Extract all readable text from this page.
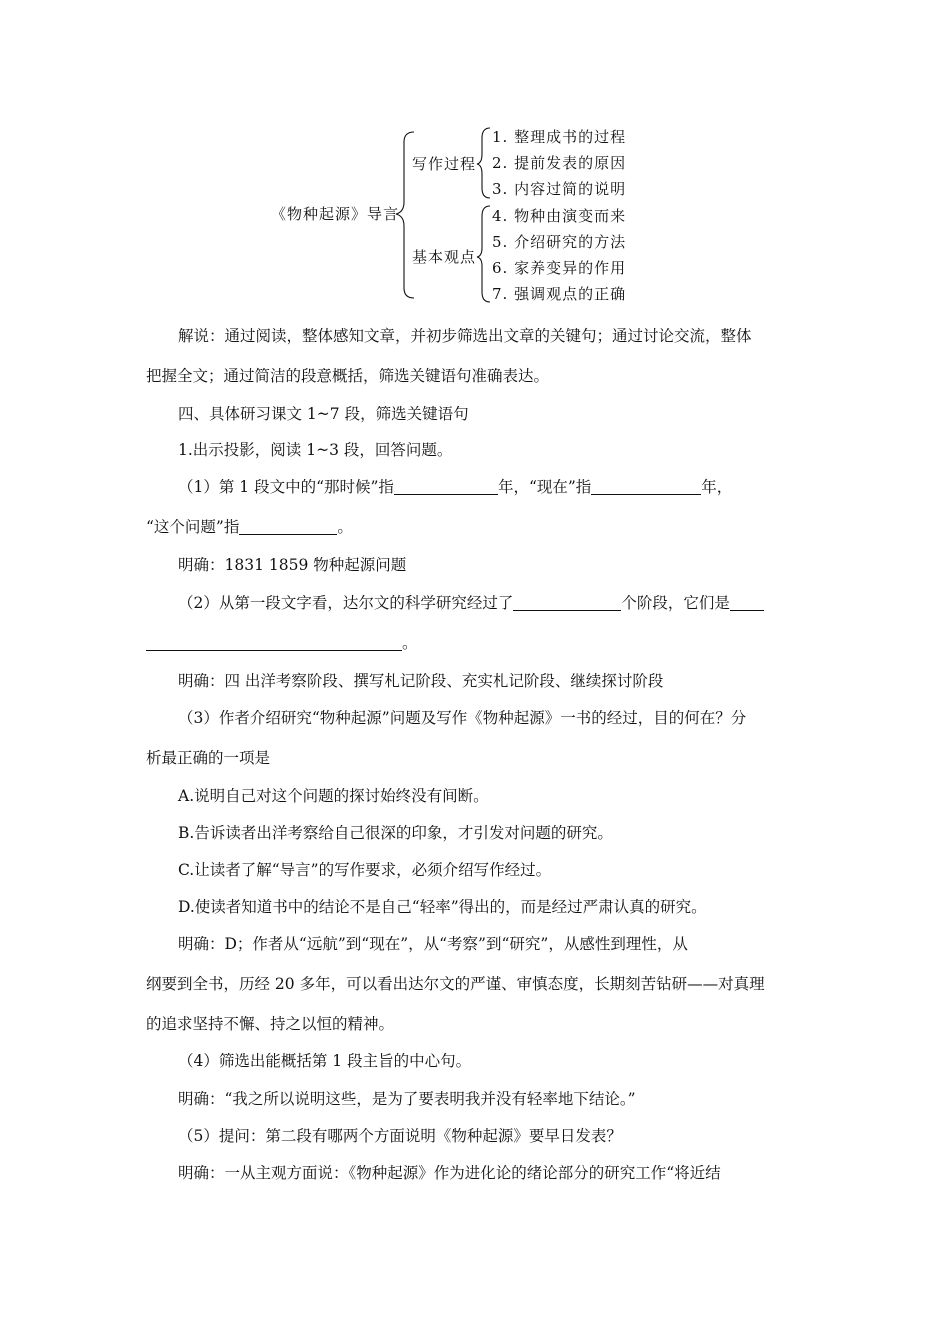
《物种起源》导言
写作过程
基本观点
1. 整理成书的过程
2. 提前发表的原因
3. 内容过简的说明
4. 物种由演变而来
5. 介绍研究的方法
6. 家养变异的作用
7. 强调观点的正确
解说：通过阅读，整体感知文章，并初步筛选出文章的关键句；通过讨论交流，整体
把握全文；通过简洁的段意概括，筛选关键语句准确表达。
四、具体研习课文 1~7 段，筛选关键语句
1.出示投影，阅读 1~3 段，回答问题。
（1）第 1 段文中的“那时候”指	年，“现在”指	年，
“这个问题”指	。
明确：1831 1859 物种起源问题
（2）从第一段文字看，达尔文的科学研究经过了	个阶段，它们是
。
明确：四 出洋考察阶段、撰写札记阶段、充实札记阶段、继续探讨阶段
（3）作者介绍研究“物种起源”问题及写作《物种起源》一书的经过，目的何在？分
析最正确的一项是
A.说明自己对这个问题的探讨始终没有间断。
B.告诉读者出洋考察给自己很深的印象，才引发对问题的研究。
C.让读者了解“导言”的写作要求，必须介绍写作经过。
D.使读者知道书中的结论不是自己“轻率”得出的，而是经过严肃认真的研究。
明确：D；作者从“远航”到“现在”，从“考察”到“研究”，从感性到理性，从
纲要到全书，历经 20 多年，可以看出达尔文的严谨、审慎态度，长期刻苦钻研——对真理
的追求坚持不懈、持之以恒的精神。
（4）筛选出能概括第 1 段主旨的中心句。
明确：“我之所以说明这些，是为了要表明我并没有轻率地下结论。”
（5）提问：第二段有哪两个方面说明《物种起源》要早日发表？
明确：一从主观方面说：《物种起源》作为进化论的绪论部分的研究工作“将近结
